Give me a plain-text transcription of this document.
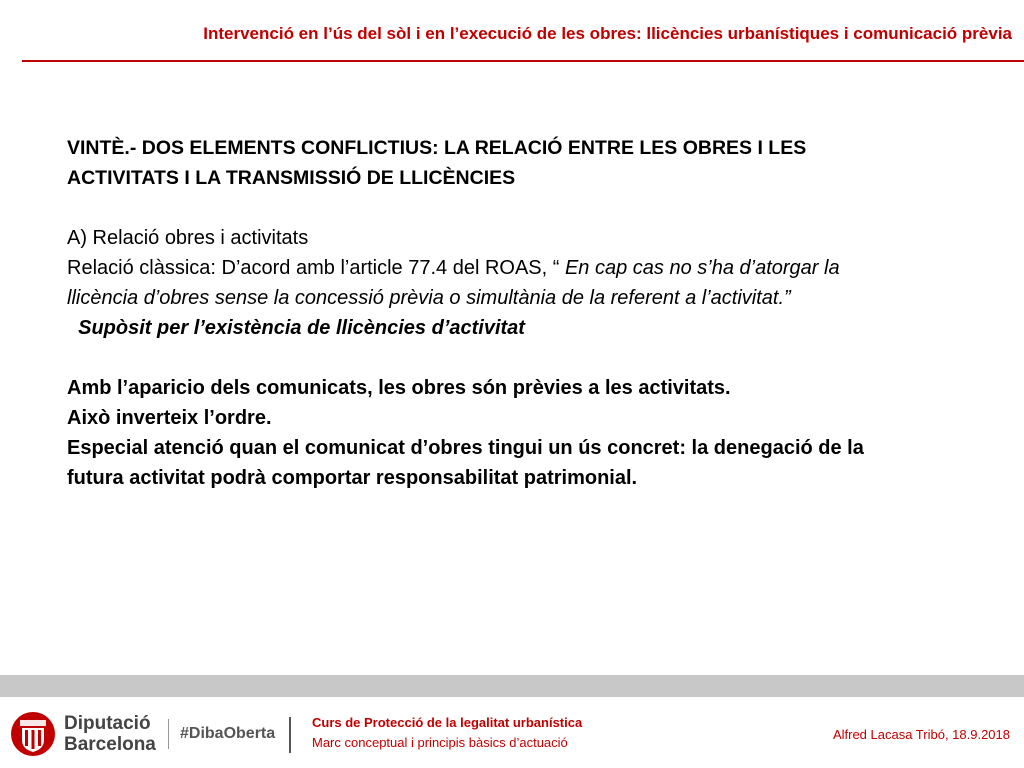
Intervenció en l’ús del sòl i en l’execució de les obres: llicències urbanístiques i comunicació prèvia

VINTÈ.- DOS ELEMENTS CONFLICTIUS: LA RELACIÓ ENTRE LES OBRES I LES
ACTIVITATS I LA TRANSMISSIÓ DE LLICÈNCIES

A) Relació obres i activitats

Relació clàssica: D’acord amb l’article 77.4 del ROAS, “ En cap cas no s’ha d’atorgar la llicència d’obres sense la concessió prèvia o simultània de la referent a l’activitat.”  Supòsit per l’existència de llicències d’activitat

Amb l’aparicio dels comunicats, les obres són prèvies a les activitats.

Això inverteix l’ordre.

Especial atenció quan el comunicat d’obres tingui un ús concret: la denegació de la futura activitat podrà comportar responsabilitat patrimonial.

Diputació
Barcelona
#DibaOberta
Curs de Protecció de la legalitat urbanística
Marc conceptual i principis bàsics d’actuació
Alfred Lacasa Tribó, 18.9.2018
